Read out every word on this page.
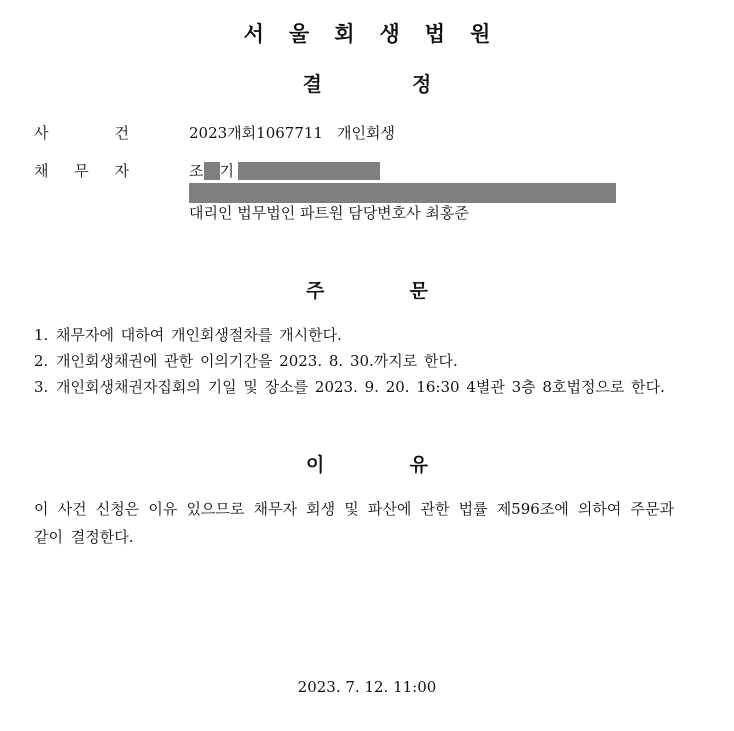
서울회생법원
결정
사	건	2023개회1067711 개인회생
채 무 자	조 기
대리인 법무법인 파트원 담당변호사 최홍준
주	문
1. 채무자에 대하여 개인회생절차를 개시한다.
2. 개인회생채권에 관한 이의기간을 2023. 8. 30.까지로 한다.
3. 개인회생채권자집회의 기일 및 장소를 2023. 9. 20. 16:30 4별관 3층 8호법정으로 한다.
이	유
이 사건 신청은 이유 있으므로 채무자 회생 및 파산에 관한 법률 제596조에 의하여 주문과 같이 결정한다.
2023. 7. 12. 11:00
